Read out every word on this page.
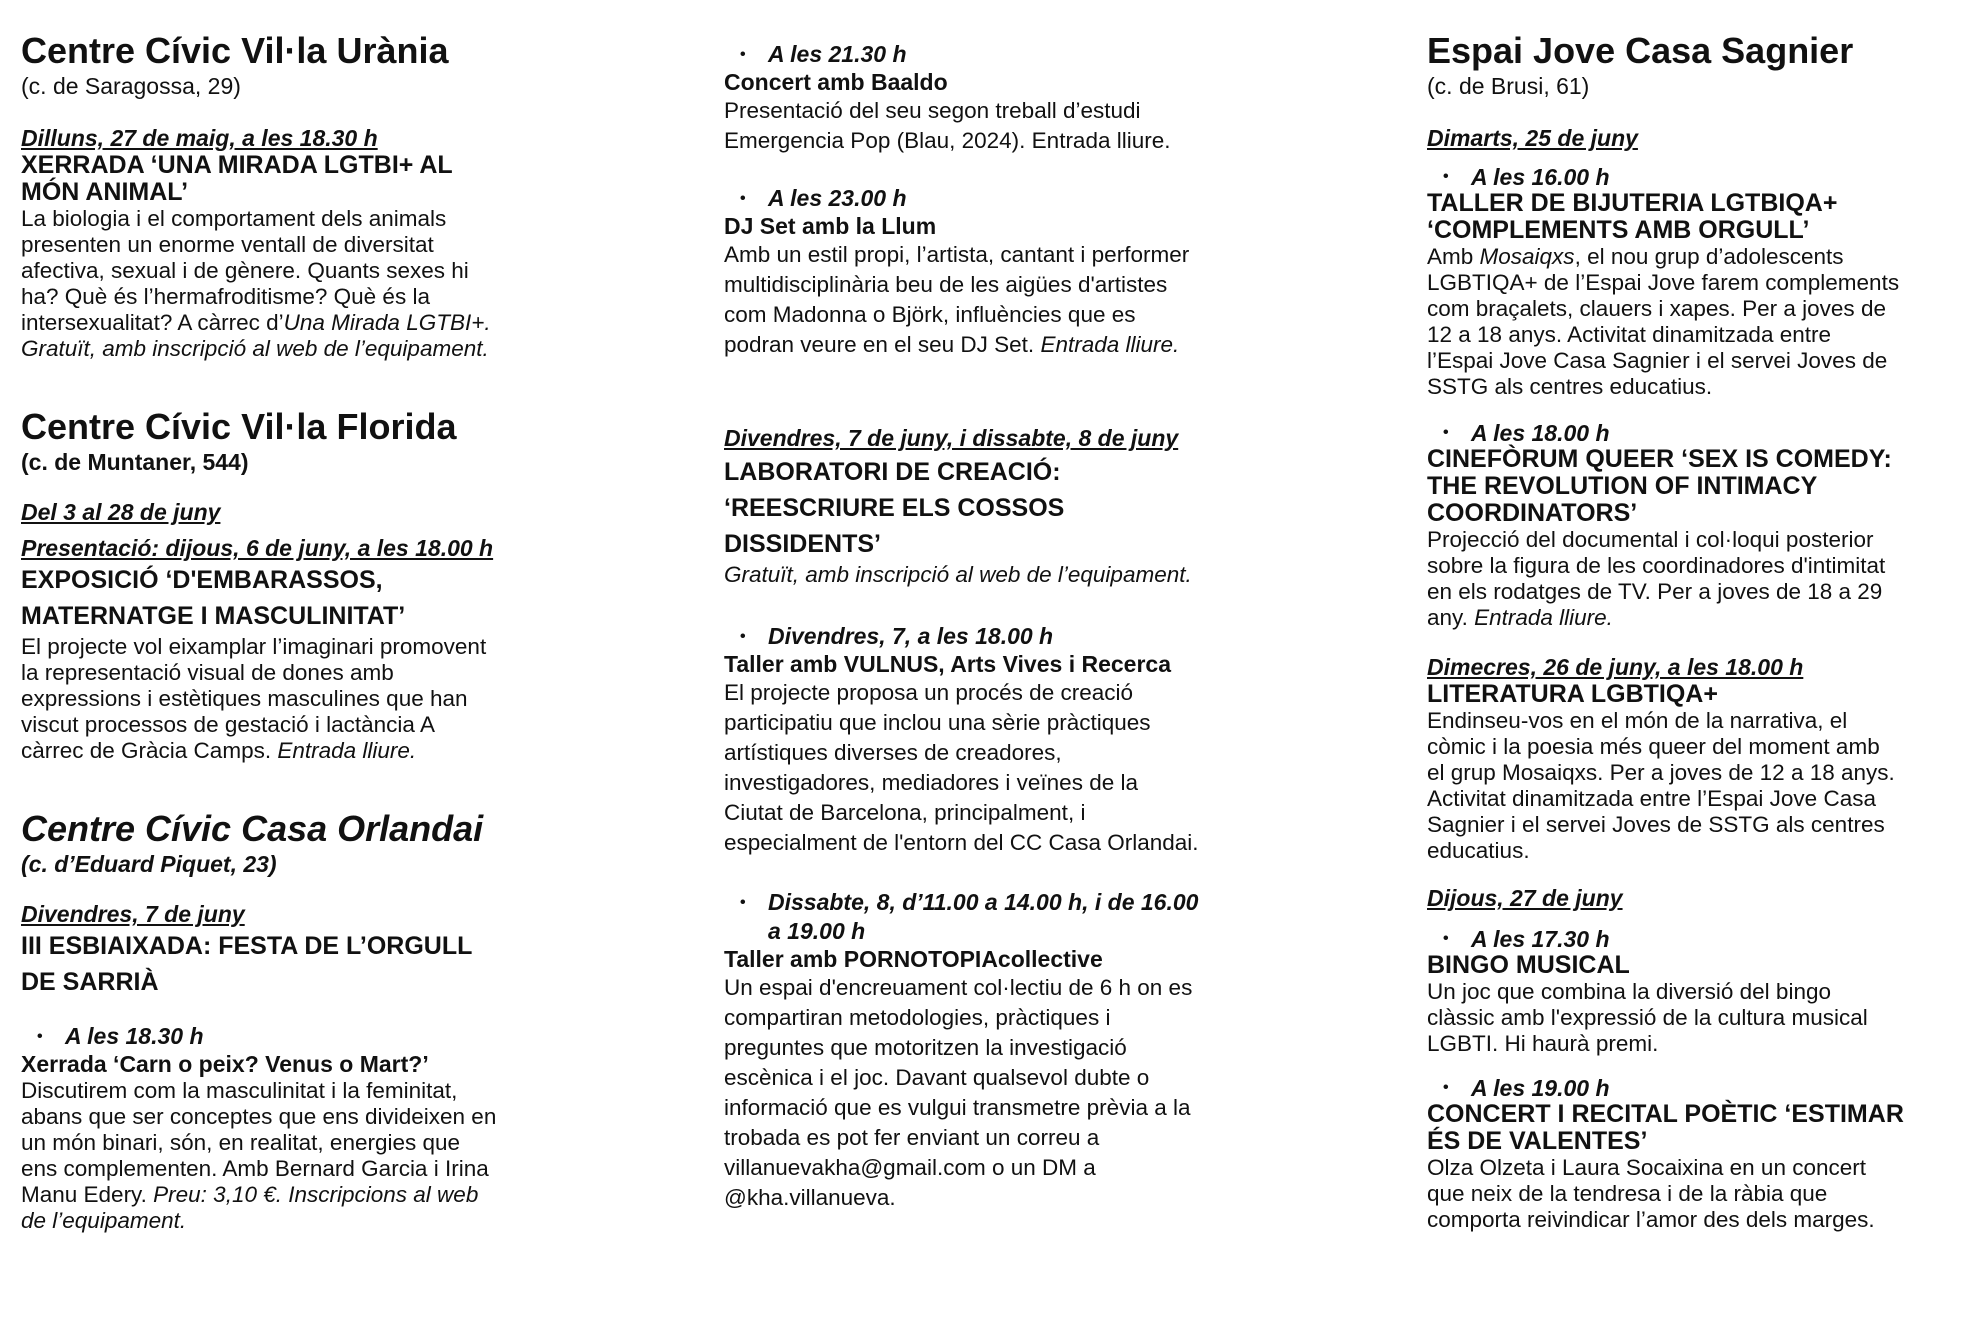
Centre Cívic Vil·la Urània

(c. de Saragossa, 29)

Dilluns, 27 de maig, a les 18.30 h

XERRADA ‘UNA MIRADA LGTBI+ AL
MÓN ANIMAL’

La biologia i el comportament dels animals
presenten un enorme ventall de diversitat
afectiva, sexual i de gènere. Quants sexes hi
ha? Què és l’hermafroditisme? Què és la
intersexualitat? A càrrec d’Una Mirada LGTBI+.
Gratuït, amb inscripció al web de l’equipament.

Centre Cívic Vil·la Florida

(c. de Muntaner, 544)

Del 3 al 28 de juny

Presentació: dijous, 6 de juny, a les 18.00 h

EXPOSICIÓ ‘D'EMBARASSOS,
MATERNATGE I MASCULINITAT’

El projecte vol eixamplar l’imaginari promovent
la representació visual de dones amb
expressions i estètiques masculines que han
viscut processos de gestació i lactància A
càrrec de Gràcia Camps. Entrada lliure.

Centre Cívic Casa Orlandai

(c. d’Eduard Piquet, 23)

Divendres, 7 de juny

III ESBIAIXADA: FESTA DE L’ORGULL
DE SARRIÀ

• A les 18.30 h

Xerrada ‘Carn o peix? Venus o Mart?’

Discutirem com la masculinitat i la feminitat,
abans que ser conceptes que ens divideixen en
un món binari, són, en realitat, energies que
ens complementen. Amb Bernard Garcia i Irina
Manu Edery. Preu: 3,10 €. Inscripcions al web
de l’equipament.

• A les 21.30 h

Concert amb Baaldo

Presentació del seu segon treball d’estudi
Emergencia Pop (Blau, 2024). Entrada lliure.

• A les 23.00 h

DJ Set amb la Llum

Amb un estil propi, l’artista, cantant i performer
multidisciplinària beu de les aigües d'artistes
com Madonna o Björk, influències que es
podran veure en el seu DJ Set. Entrada lliure.

Divendres, 7 de juny, i dissabte, 8 de juny

LABORATORI DE CREACIÓ:
‘REESCRIURE ELS COSSOS
DISSIDENTS’

Gratuït, amb inscripció al web de l’equipament.

• Divendres, 7, a les 18.00 h

Taller amb VULNUS, Arts Vives i Recerca

El projecte proposa un procés de creació
participatiu que inclou una sèrie pràctiques
artístiques diverses de creadores,
investigadores, mediadores i veïnes de la
Ciutat de Barcelona, principalment, i
especialment de l'entorn del CC Casa Orlandai.

• Dissabte, 8, d’11.00 a 14.00 h, i de 16.00
a 19.00 h

Taller amb PORNOTOPIAcollective

Un espai d'encreuament col·lectiu de 6 h on es
compartiran metodologies, pràctiques i
preguntes que motoritzen la investigació
escènica i el joc. Davant qualsevol dubte o
informació que es vulgui transmetre prèvia a la
trobada es pot fer enviant un correu a
villanuevakha@gmail.com o un DM a
@kha.villanueva.

Espai Jove Casa Sagnier

(c. de Brusi, 61)

Dimarts, 25 de juny

• A les 16.00 h

TALLER DE BIJUTERIA LGTBIQA+
‘COMPLEMENTS AMB ORGULL’

Amb Mosaiqxs, el nou grup d’adolescents
LGBTIQA+ de l’Espai Jove farem complements
com braçalets, clauers i xapes. Per a joves de
12 a 18 anys. Activitat dinamitzada entre
l’Espai Jove Casa Sagnier i el servei Joves de
SSTG als centres educatius.

• A les 18.00 h

CINEFÒRUM QUEER ‘SEX IS COMEDY:
THE REVOLUTION OF INTIMACY
COORDINATORS’

Projecció del documental i col·loqui posterior
sobre la figura de les coordinadores d'intimitat
en els rodatges de TV. Per a joves de 18 a 29
any. Entrada lliure.

Dimecres, 26 de juny, a les 18.00 h

LITERATURA LGBTIQA+

Endinseu-vos en el món de la narrativa, el
còmic i la poesia més queer del moment amb
el grup Mosaiqxs. Per a joves de 12 a 18 anys.
Activitat dinamitzada entre l’Espai Jove Casa
Sagnier i el servei Joves de SSTG als centres
educatius.

Dijous, 27 de juny

• A les 17.30 h

BINGO MUSICAL

Un joc que combina la diversió del bingo
clàssic amb l'expressió de la cultura musical
LGBTI. Hi haurà premi.

• A les 19.00 h

CONCERT I RECITAL POÈTIC ‘ESTIMAR
ÉS DE VALENTES’

Olza Olzeta i Laura Socaixina en un concert
que neix de la tendresa i de la ràbia que
comporta reivindicar l’amor des dels marges.
